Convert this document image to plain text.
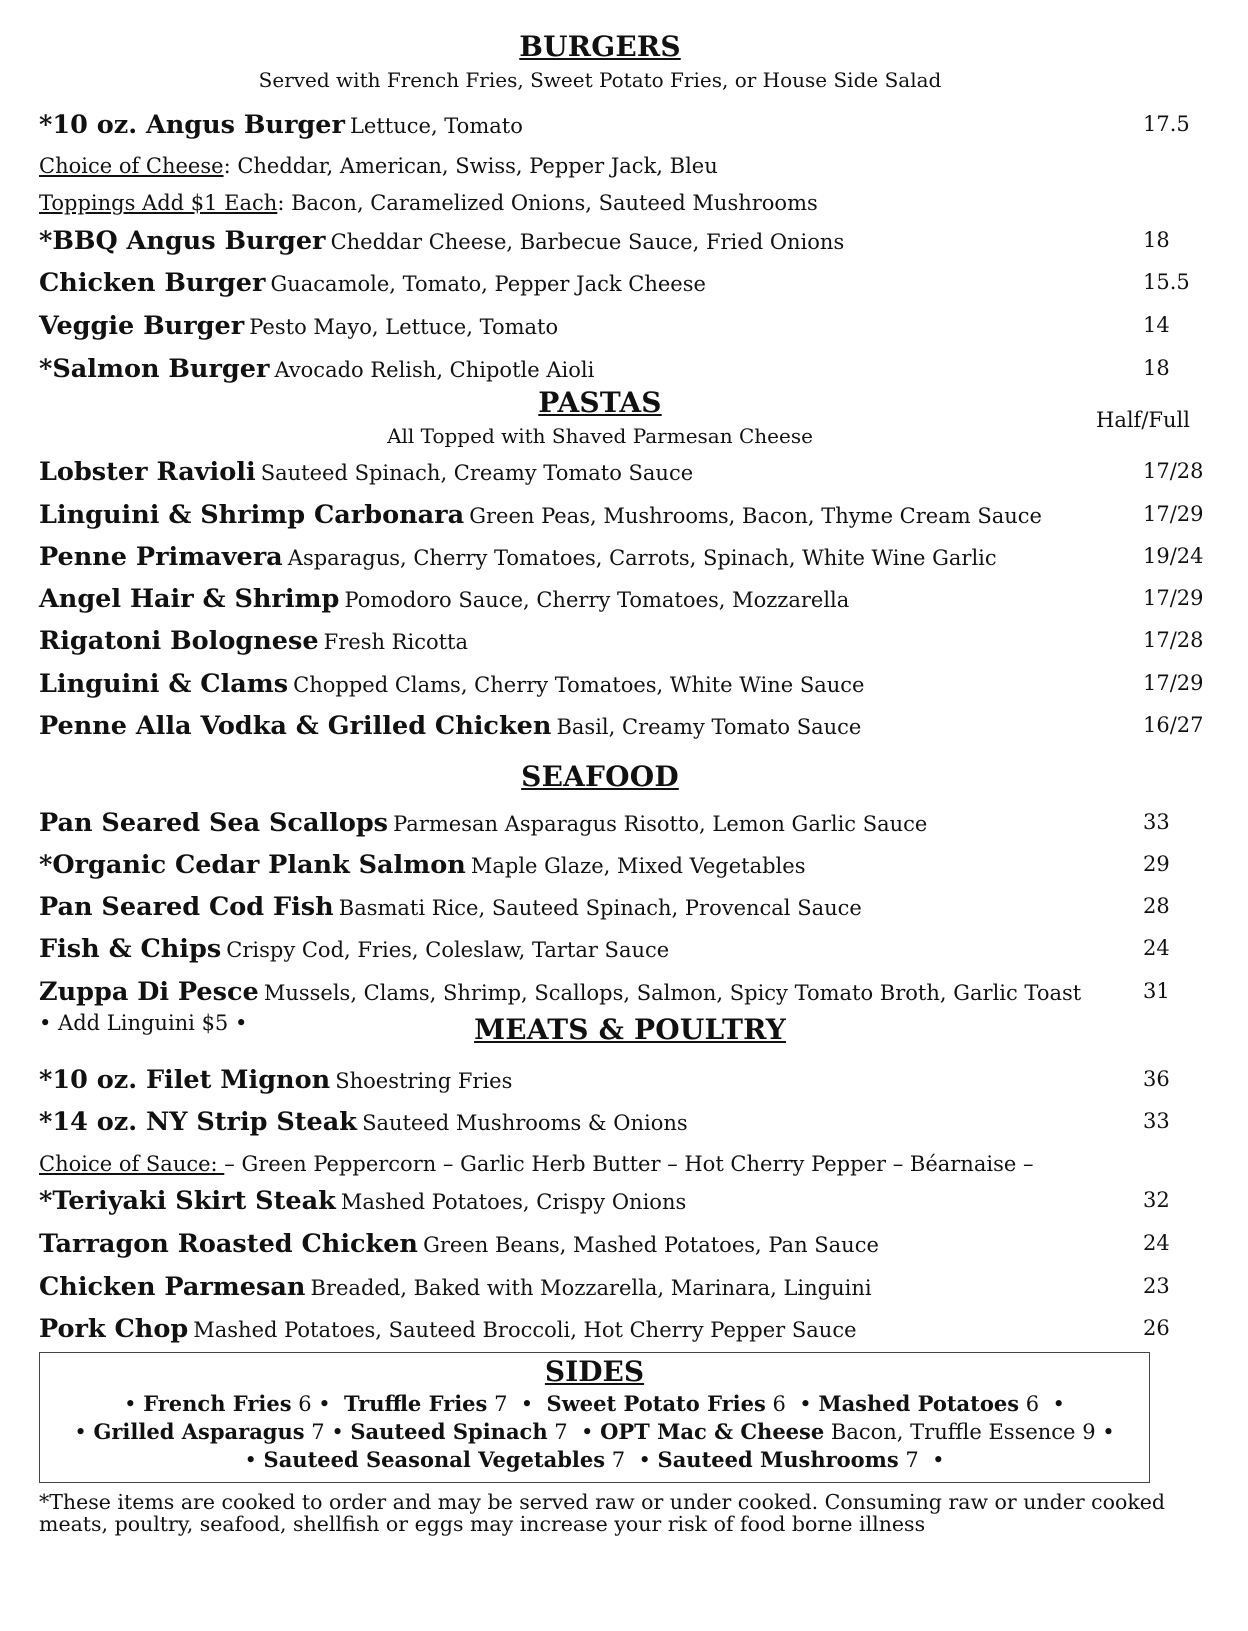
BURGERS
Served with French Fries, Sweet Potato Fries, or House Side Salad
*10 oz. Angus Burger Lettuce, Tomato	17.5
Choice of Cheese: Cheddar, American, Swiss, Pepper Jack, Bleu
Toppings Add $1 Each: Bacon, Caramelized Onions, Sauteed Mushrooms
*BBQ Angus Burger Cheddar Cheese, Barbecue Sauce, Fried Onions	18
Chicken Burger Guacamole, Tomato, Pepper Jack Cheese	15.5
Veggie Burger Pesto Mayo, Lettuce, Tomato	14
*Salmon Burger Avocado Relish, Chipotle Aioli	18
PASTAS
Half/Full
All Topped with Shaved Parmesan Cheese
Lobster Ravioli Sauteed Spinach, Creamy Tomato Sauce	17/28
Linguini & Shrimp Carbonara Green Peas, Mushrooms, Bacon, Thyme Cream Sauce	17/29
Penne Primavera Asparagus, Cherry Tomatoes, Carrots, Spinach, White Wine Garlic	19/24
Angel Hair & Shrimp Pomodoro Sauce, Cherry Tomatoes, Mozzarella	17/29
Rigatoni Bolognese Fresh Ricotta	17/28
Linguini & Clams Chopped Clams, Cherry Tomatoes, White Wine Sauce	17/29
Penne Alla Vodka & Grilled Chicken Basil, Creamy Tomato Sauce	16/27
SEAFOOD
Pan Seared Sea Scallops Parmesan Asparagus Risotto, Lemon Garlic Sauce	33
*Organic Cedar Plank Salmon Maple Glaze, Mixed Vegetables	29
Pan Seared Cod Fish Basmati Rice, Sauteed Spinach, Provencal Sauce	28
Fish & Chips Crispy Cod, Fries, Coleslaw, Tartar Sauce	24
Zuppa Di Pesce Mussels, Clams, Shrimp, Scallops, Salmon, Spicy Tomato Broth, Garlic Toast	31
• Add Linguini $5 •	MEATS & POULTRY
*10 oz. Filet Mignon Shoestring Fries	36
*14 oz. NY Strip Steak Sauteed Mushrooms & Onions	33
Choice of Sauce: – Green Peppercorn – Garlic Herb Butter – Hot Cherry Pepper – Béarnaise –
*Teriyaki Skirt Steak Mashed Potatoes, Crispy Onions	32
Tarragon Roasted Chicken Green Beans, Mashed Potatoes, Pan Sauce	24
Chicken Parmesan Breaded, Baked with Mozzarella, Marinara, Linguini	23
Pork Chop Mashed Potatoes, Sauteed Broccoli, Hot Cherry Pepper Sauce	26
SIDES
• French Fries 6 •  Truffle Fries 7  •  Sweet Potato Fries 6  • Mashed Potatoes 6  •
• Grilled Asparagus 7 • Sauteed Spinach 7  • OPT Mac & Cheese Bacon, Truffle Essence 9 •
• Sauteed Seasonal Vegetables 7  • Sauteed Mushrooms 7  •
*These items are cooked to order and may be served raw or under cooked. Consuming raw or under cooked meats, poultry, seafood, shellfish or eggs may increase your risk of food borne illness
